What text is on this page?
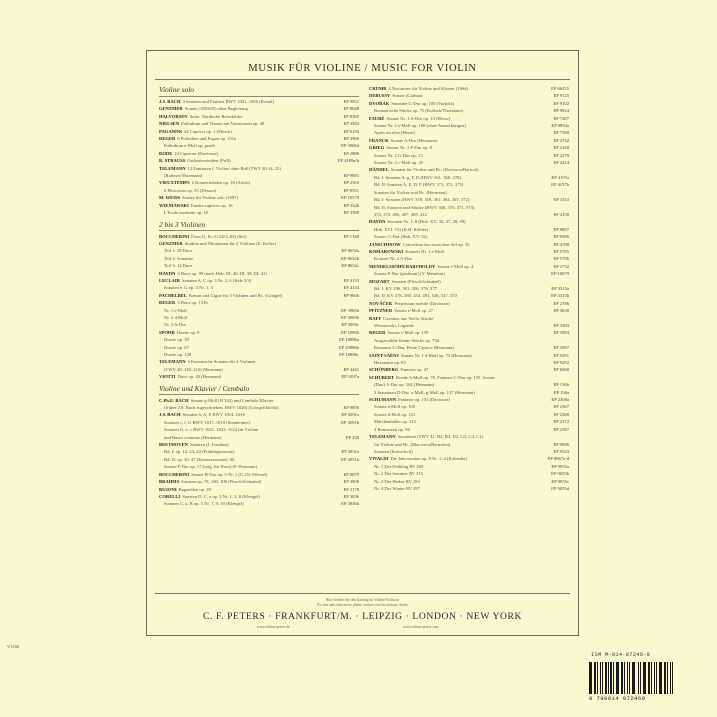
MUSIK FÜR VIOLINE / MUSIC FOR VIOLIN
Violine solo
J.S. BACH 3 Sonaten und Partiten BWV 1001–1006 (Rostal)	EP 9851
GENZMER Sonate (1983/85) ohne Begleitung	EP 8648
HALVORSEN Suite: Nordische Reisebilder	EP 8385
NIELSEN Präludium und Thema mit Variationen op. 48	EP 3583
PAGANINI 24 Capricci op. 1 (Flesch)	EP 9150
REGER 6 Präludien und Fugen op. 131a	EP 3968
Präludium e-Moll op. posth.	EP 3968d
RODE 24 Capricen (Davisson)	EP 2888
R. STRAUSS Orchesterstudien (Prill)	EP 4189a/b
TELEMANN 12 Fantasien f. Violine ohne Baß (TWV 40:14–25)
(Rohmer/Thormann)	EP 9881
VIEUXTEMPS 6 Konzertetüden op. 16 (Arbós)	EP 2563
6 Morceaux op. 55 (Dessau)	EP 8551
M. WEISS Sonate für Violine solo (1997)	EP 10579
WIENIAWSKI Etudes-caprices op. 18	EP 3346
L'Ecole moderne op. 10	EP 3389
2 bis 3 Violinen
BOCCHERINI Duos G, Es (G 62/3–63) (Sitt)	EP 1348
GENZMER Studien und Miniaturen für 2 Violinen (E. Keller)
Teil 1: 28 Duos	EP 8652a
Teil 2: Sonatine	EP 8652b
Teil 3: 14 Duos	EP 8652c
HAYDN 3 Duos op. 99 (nach Hob. III: 40, III: 38, III: 41)
LECLAIR Sonaten A, C op. 3 Nr. 2, 6 (Jöde 2/3)	EP 4133
Sonaten e, G op. 3 Nr. 1, 3	EP 4134
PACHELBEL Kanon und Gigue für 3 Violinen und Bc. (Gringel)	EP 9666
REGER 3 Duos op. 131b
Nr. 1 e-Moll	EP 3969d
Nr. 2 d-Moll	EP 3969b
Nr. 3 A-Dur	EP 3969c
SPOHR Duette op. 9	EP 10886
Duette op. 39	EP 10886a
Duette op. 67	EP 10886b
Duette op. 148	EP 10886c
TELEMANN 6 Kanonische Sonaten für 2 Violinen
(TWV 40: 118–123) (Hermann)	EP 4441
VIOTTI Duos op. 20 (Hermann)	EP 1097a
Violine und Klavier / Cembalo
C.Ph.E. BACH Sonate g-Moll (H 542) und Cembalo/Klavier
(früher J.S. Bach zugeschrieben, BWV 1020) (Gringel/Jacobi)	EP 9856
J.S. BACH Sonaten h, A, E BWV 1014–1016	EP 4591a
Sonaten c, f, G BWV 1017–1019 (Sonnleitner)	EP 4591b
Sonaten G, e, c BWV 1021, 1023, 1024 für Violine
und Basso continuo (Hermann)	EP 239
BEETHOVEN Sonaten (J. Joachim)
Bd. I: op. 12, 23, 24 (Frühlingssonate)	EP 3031a
Bd. II: op. 30, 47 (Kreutzersonate), 96	EP 3031b
Sonate F-Dur op. 17 (orig. für Horn) (P. Hermann)
BOCCHERINI Sonate B-Dur op. 5 Nr. 1 (G 25) (Wiesel)	EP 8079
BRAHMS Sonaten op. 78, 100, 108 (Flesch/Schnabel)	EP 3900
BUSONI Bagatellen op. 28	EP 2178
CORELLI Sonaten D, C, a op. 5 Nr. 1, 3, 8 (Klengel)	EP 3836
Sonaten C, a, B op. 5 Nr. 7, 9, 10 (Klengel)	EP 3836b
CRUMB 4 Nocturnes für Violine und Klavier (1964)	EP 66455
DEBUSSY Sonate (Garban)	EP 9125
DVOŘÁK Sonatine G-Dur op. 100 (Vorholz)	EP 9102
Romantische Stücke op. 75 (Kolisch/Thormann)	EP 9824
FAURÉ Sonate Nr. 1 A-Dur op. 13 (Hesse)	EP 7487
Sonate Nr. 2 e-Moll op. 108 (ohne Anmerkungen)	EP 9894a
Après un rêve (Hesse)	EP 7380
FRANCK Sonate A-Dur (Hermann)	EP 3742
GRIEG Sonate Nr. 1 F-Dur op. 8	EP 2160
Sonate Nr. 2 G-Dur op. 13	EP 2279
Sonate Nr. 3 c-Moll op. 45	EP 2414
HÄNDEL Sonaten für Violine und Bc. (Davisson/Rarisch)
Bd. I: Sonaten A, g, F, D (HWV 361, 368, 370)	EP 4157a
Bd. II: Sonaten A, E, D, F (HWV 371, 372, 373)	EP 4157b
Sonaten für Violine und Bc. (Hermann)
Bd. I: Sonaten (HWV 358, 359, 361, 364, 367, 372)	EP 3353
Bd. II: Sonaten und Stücke (HWV 368, 370, 371, 373)
372, 373, 406, 407, 408, 412	EP 4158
HAYDN Sonaten Nr. 1–8 (Hob. XV: 32, 37, 38, 39)
Hob. XVI: 15) (K.H. Köhler)	EP 9807
Sonate G-Dur (Hob. XV: 32)	EP 9986
JANSCHINOW Concertino im russischen Stil op. 35	EP 4788
KOMAROWSKI Konzert Nr. 1 e-Moll	EP 5785
Konzert Nr. 2 A-Dur	EP 5786
MENDELSSOHN BARTHOLDY Sonate f-Moll op. 4	EP 1732
Sonate F-Dur (posthum) (Y. Menuhin)	EP 10079
MOZART Sonaten (Flesch/Schnabel)
Bd. I: KV 296, 301–306, 376, 377	EP 3315a
Bd. II: KV 378–380, 454, 481, 526, 547, 570	EP 3315b
NOVÁČEK Perpetuum mobile (Davisson)	EP 2786
PFITZNER Sonate e-Moll op. 27	EP 3630
RAFF Cavatine aus 'Sechs Stücke'
Wieniawski, Legende	EP 3383
REGER Sonate c-Moll op. 139	EP 3983
Ausgewählte kleine Stücke op. 79d
Romanze G-Dur, Petite Caprice (Hermann)	EP 3987
SAINT-SAËNS Sonate Nr. 1 d-Moll op. 75 (Hermann)	EP 9291
Havanaise op. 83	EP 9292
SCHÖNBERG Fantasie op. 47	EP 6060
SCHUBERT Rondo h-Moll op. 70, Fantasie C-Dur op. 159, Sonate
(Duo) A-Dur op. 162 (Hermann)	EP 156b
3 Sonatinen D-Dur, a-Moll, g-Moll op. 137 (Hermann)	EP 156a
SCHUMANN Fantasie op. 131 (Davisson)	EP 2368a
Sonate a-Moll op. 105	EP 2367
Sonate d-Moll op. 121	EP 2368
Märchenbilder op. 113	EP 2372
3 Romanzen op. 94	EP 2387
TELEMANN Sonatinen (TWV 41: B2, B3, D2, G3, G4, C1)
für Violine und Bc. (Marcerou/Bernstein)	EP 9096
Sonaten (Kratochvíl)	EP 9543
VIVALDI Die Jahreszeiten op. 8 Nr. 1–4 (Kolneder)	EP 8867a-d
Nr. 1 Der Frühling RV 269	EP 9055a
Nr. 2 Der Sommer RV 315	EP 9055b
Nr. 3 Der Herbst RV 293	EP 9055c
Nr. 4 Der Winter RV 297	EP 9055d
Bitte fordern Sie den Katalog für Violine/Violin an
For this and other music please contact your local music dealer
C. F. PETERS · FRANKFURT/M. · LEIPZIG · LONDON · NEW YORK
www.edition-peters.de	www.edition-peters.com
V1166
ISM M-014-07246-9
9 790014 072469
